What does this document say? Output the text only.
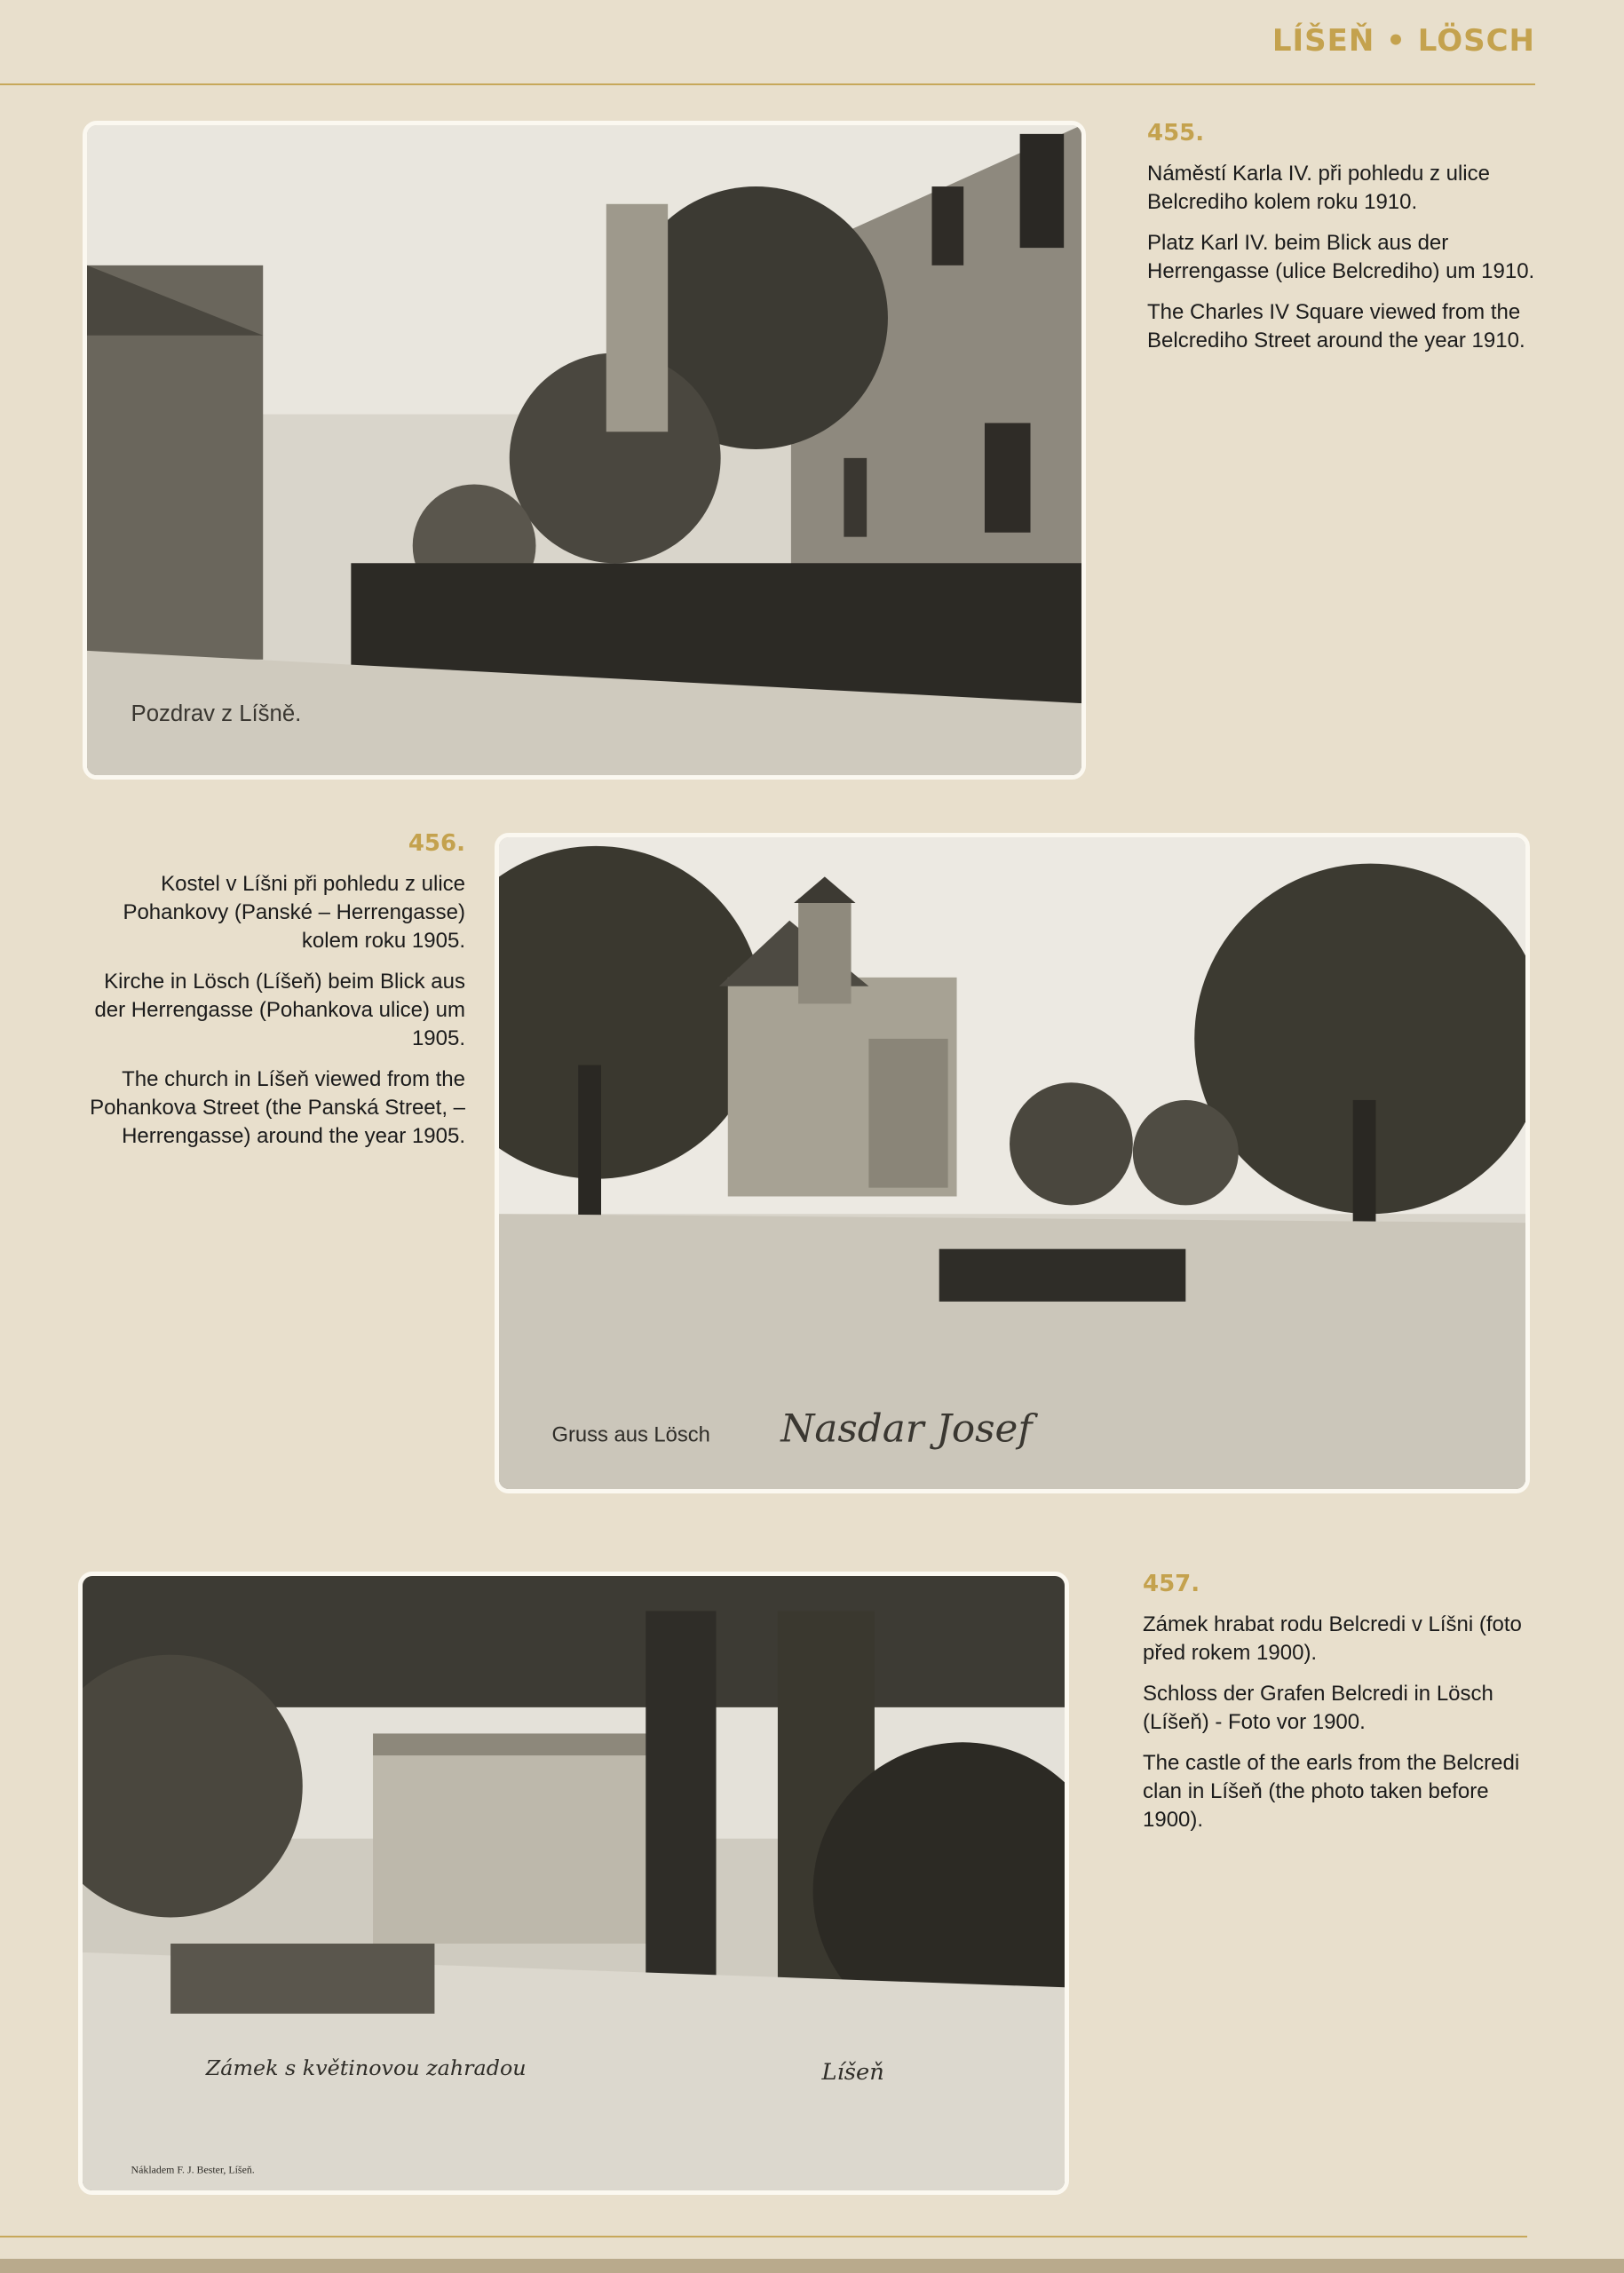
LÍŠEŇ • LÖSCH
Pozdrav z Líšně.
455.

Náměstí Karla IV. při pohledu z ulice Belcrediho kolem roku 1910.

Platz Karl IV. beim Blick aus der Herrengasse (ulice Belcrediho) um 1910.

The Charles IV Square viewed from the Belcrediho Street around the year 1910.

456.

Kostel v Líšni při pohledu z ulice Pohankovy (Panské – Herrengasse) kolem roku 1905.

Kirche in Lösch (Líšeň) beim Blick aus der Herrengasse (Pohankova ulice) um 1905.

The church in Líšeň viewed from the Pohankova Street (the Panská Street, – Herrengasse) around the year 1905.

Gruss aus Lösch Nasdar Josef
Zámek s květinovou zahradou	Líšeň
Nákladem F. J. Bester, Líšeň.
457.

Zámek hrabat rodu Belcredi v Líšni (foto před rokem 1900).

Schloss der Grafen Belcredi in Lösch (Líšeň) - Foto vor 1900.

The castle of the earls from the Belcredi clan in Líšeň (the photo taken before 1900).
